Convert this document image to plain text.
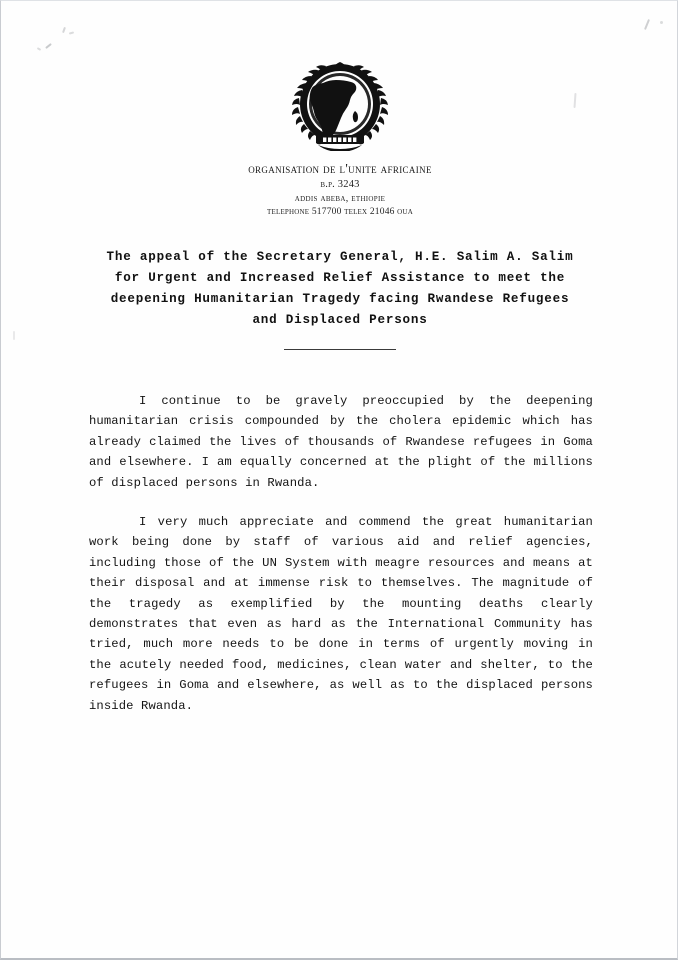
organisation de l'unite africaine
b.p. 3243
addis abeba, ethiopie
telephone 517700 telex 21046 oua
The appeal of the Secretary General, H.E. Salim A. Salim
for Urgent and Increased Relief Assistance to meet the
deepening Humanitarian Tragedy facing Rwandese Refugees
and Displaced Persons

I continue to be gravely preoccupied by the deepening humanitarian crisis compounded by the cholera epidemic which has already claimed the lives of thousands of Rwandese refugees in Goma and elsewhere. I am equally concerned at the plight of the millions of displaced persons in Rwanda.

I very much appreciate and commend the great humanitarian work being done by staff of various aid and relief agencies, including those of the UN System with meagre resources and means at their disposal and at immense risk to themselves. The magnitude of the tragedy as exemplified by the mounting deaths clearly demonstrates that even as hard as the International Community has tried, much more needs to be done in terms of urgently moving in the acutely needed food, medicines, clean water and shelter, to the refugees in Goma and elsewhere, as well as to the displaced persons inside Rwanda.
